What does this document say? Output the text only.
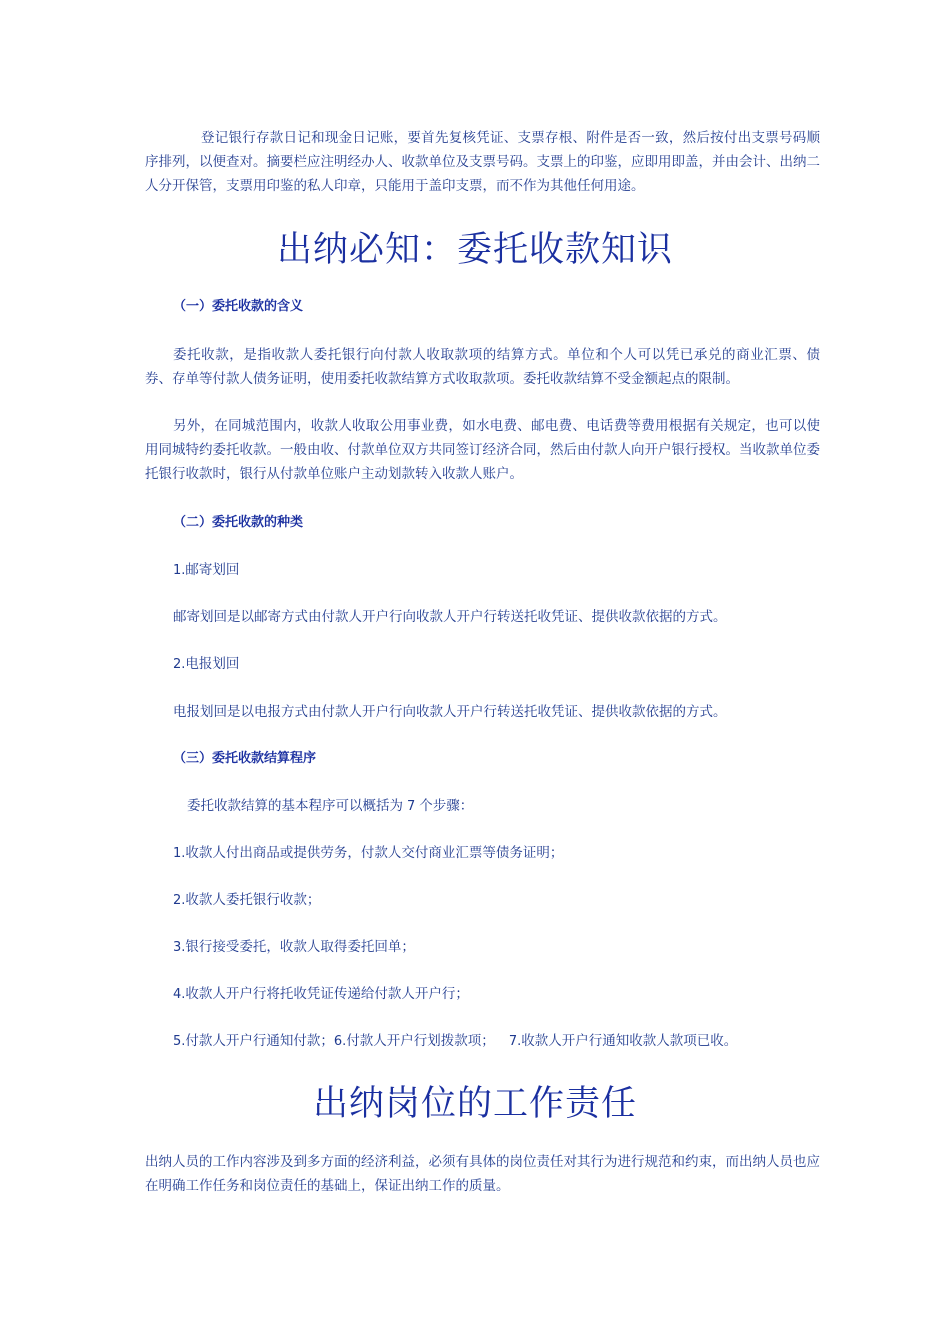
登记银行存款日记和现金日记账，要首先复核凭证、支票存根、附件是否一致，然后按付出支票号码顺序排列，以便查对。摘要栏应注明经办人、收款单位及支票号码。支票上的印鉴，应即用即盖，并由会计、出纳二人分开保管，支票用印鉴的私人印章，只能用于盖印支票，而不作为其他任何用途。
出纳必知：委托收款知识
（一）委托收款的含义
委托收款，是指收款人委托银行向付款人收取款项的结算方式。单位和个人可以凭已承兑的商业汇票、债券、存单等付款人债务证明，使用委托收款结算方式收取款项。委托收款结算不受金额起点的限制。
另外，在同城范围内，收款人收取公用事业费，如水电费、邮电费、电话费等费用根据有关规定，也可以使用同城特约委托收款。一般由收、付款单位双方共同签订经济合同，然后由付款人向开户银行授权。当收款单位委托银行收款时，银行从付款单位账户主动划款转入收款人账户。
（二）委托收款的种类
1.邮寄划回
邮寄划回是以邮寄方式由付款人开户行向收款人开户行转送托收凭证、提供收款依据的方式。
2.电报划回
电报划回是以电报方式由付款人开户行向收款人开户行转送托收凭证、提供收款依据的方式。
（三）委托收款结算程序
委托收款结算的基本程序可以概括为 7 个步骤：
1.收款人付出商品或提供劳务，付款人交付商业汇票等债务证明；
2.收款人委托银行收款；
3.银行接受委托，收款人取得委托回单；
4.收款人开户行将托收凭证传递给付款人开户行；
5.付款人开户行通知付款；6.付款人开户行划拨款项； 7.收款人开户行通知收款人款项已收。
出纳岗位的工作责任
出纳人员的工作内容涉及到多方面的经济利益，必须有具体的岗位责任对其行为进行规范和约束，而出纳人员也应在明确工作任务和岗位责任的基础上，保证出纳工作的质量。
